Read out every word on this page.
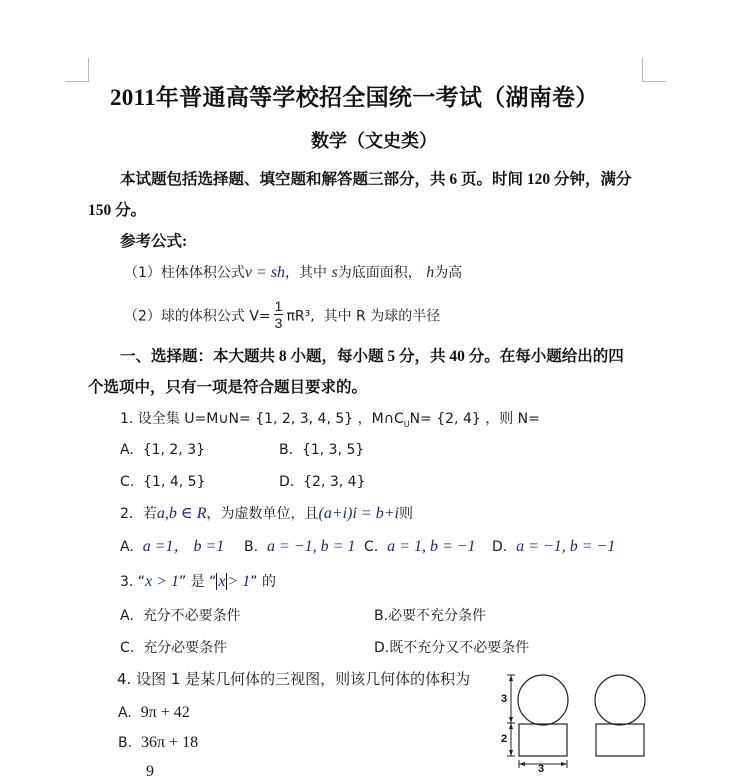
2011年普通高等学校招全国统一考试（湖南卷）
数学（文史类）
本试题包括选择题、填空题和解答题三部分，共 6 页。时间 120 分钟，满分
150 分。
参考公式:
（1）柱体体积公式v = sh，其中 s为底面面积， h为高
（2）球的体积公式 $V= \frac{1}{3} \pi R^3$, 其中 R 为球的半径
一、选择题：本大题共 8 小题，每小题 5 分，共 40 分。在每小题给出的四
个选项中，只有一项是符合题目要求的。
1. 设全集 U=M∪N= {1, 2, 3, 4, 5} ，$M\cap C_UN= \{2$, 4} ，则 N=
A. {1, 2, 3}	B. {1, 3, 5}
C. {1, 4, 5}	D. {2, 3, 4}
2．若a,b ∈ R，为虚数单位，且(a+i)i = b+i则
A. a =1， b =1 B. a = −1, b = 1 C. a = 1, b = −1 D. a = −1, b = −1
3. “x > 1” 是 “ x > 1” 的
A. 充分不必要条件	B.必要不充分条件
C. 充分必要条件	D.既不充分又不必要条件
4. 设图 1 是某几何体的三视图，则该几何体的体积为
A. 9π + 42
B. 36π + 18
9
3
2
3
